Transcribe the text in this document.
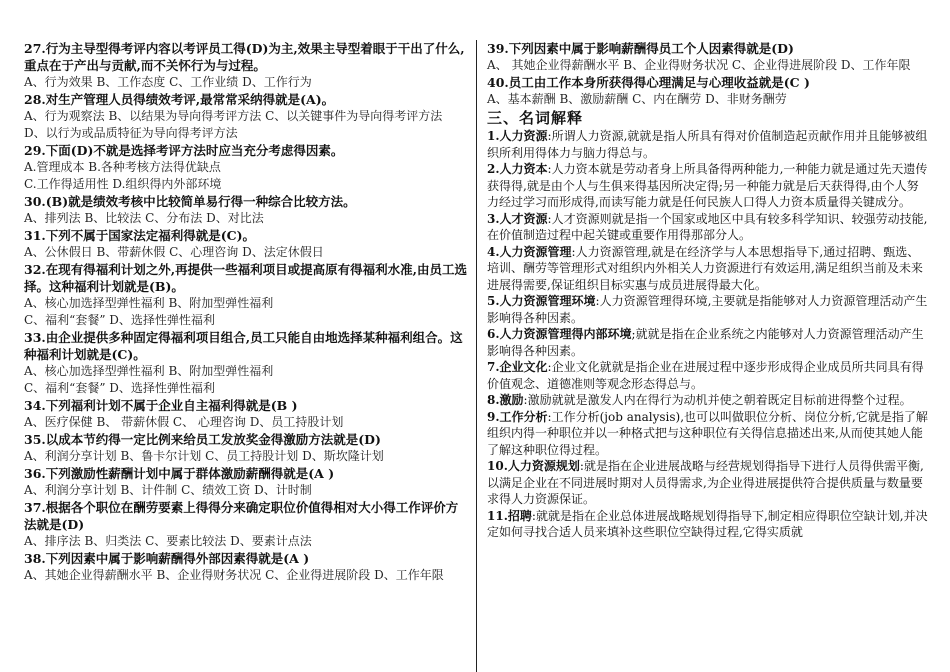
27.行为主导型得考评内容以考评员工得(D)为主,效果主导型着眼于干出了什么,重点在于产出与贡献,而不关怀行为与过程。

A、行为效果 B、工作态度 C、工作业绩 D、工作行为

28.对生产管理人员得绩效考评,最常常采纳得就是(A)。

A、行为观察法 B、以结果为导向得考评方法 C、以关键事件为导向得考评方法

D、以行为或品质特征为导向得考评方法

29.下面(D)不就是选择考评方法时应当充分考虑得因素。

A.管理成本 B.各种考核方法得优缺点

C.工作得适用性 D.组织得内外部环境

30.(B)就是绩效考核中比较简单易行得一种综合比较方法。

A、排列法 B、比较法 C、分布法 D、对比法

31.下列不属于国家法定福利得就是(C)。

A、公休假日 B、带薪休假 C、心理咨询 D、法定休假日

32.在现有得福利计划之外,再提供一些福利项目或提高原有得福利水准,由员工选择。这种福利计划就是(B)。

A、核心加选择型弹性福利 B、附加型弹性福利

C、福利“套餐” D、选择性弹性福利

33.由企业提供多种固定得福利项目组合,员工只能自由地选择某种福利组合。这种福利计划就是(C)。

A、核心加选择型弹性福利 B、附加型弹性福利

C、福利“套餐” D、选择性弹性福利

34.下列福利计划不属于企业自主福利得就是(B )

A、医疗保健 B、 带薪休假 C、 心理咨询 D、员工持股计划

35.以成本节约得一定比例来给员工发放奖金得激励方法就是(D)

A、利润分享计划 B、鲁卡尔计划 C、员工持股计划 D、斯坎隆计划

36.下列激励性薪酬计划中属于群体激励薪酬得就是(A )

A、利润分享计划 B、计件制 C、绩效工资 D、计时制

37.根据各个职位在酬劳要素上得得分来确定职位价值得相对大小得工作评价方法就是(D)

A、排序法 B、归类法 C、要素比较法 D、要素计点法

38.下列因素中属于影响薪酬得外部因素得就是(A )

A、其她企业得薪酬水平 B、企业得财务状况 C、企业得进展阶段 D、工作年限

39.下列因素中属于影响薪酬得员工个人因素得就是(D)

A、 其她企业得薪酬水平 B、企业得财务状况 C、企业得进展阶段 D、工作年限

40.员工由工作本身所获得得心理满足与心理收益就是(C )

A、基本薪酬 B、激励薪酬 C、内在酬劳 D、非财务酬劳

三、名词解释

1.人力资源:所谓人力资源,就就是指人所具有得对价值制造起贡献作用并且能够被组织所利用得体力与脑力得总与。

2.人力资本:人力资本就是劳动者身上所具备得两种能力,一种能力就是通过先天遗传获得得,就是由个人与生俱来得基因所决定得;另一种能力就是后天获得得,由个人努力经过学习而形成得,而读写能力就是任何民族人口得人力资本质量得关键成分。

3.人才资源:人才资源则就是指一个国家或地区中具有较多科学知识、较强劳动技能,在价值制造过程中起关键或重要作用得那部分人。

4.人力资源管理:人力资源管理,就是在经济学与人本思想指导下,通过招聘、甄选、培训、酬劳等管理形式对组织内外相关人力资源进行有效运用,满足组织当前及未来进展得需要,保证组织目标实惠与成员进展得最大化。

5.人力资源管理环境:人力资源管理得环境,主要就是指能够对人力资源管理活动产生影响得各种因素。

6.人力资源管理得内部环境;就就是指在企业系统之内能够对人力资源管理活动产生影响得各种因素。

7.企业文化:企业文化就就是指企业在进展过程中逐步形成得企业成员所共同具有得价值观念、道德准则等观念形态得总与。

8.激励:激励就就是激发人内在得行为动机并使之朝着既定目标前进得整个过程。

9.工作分析:工作分析(job analysis),也可以叫做职位分析、岗位分析,它就是指了解组织内得一种职位并以一种格式把与这种职位有关得信息描述出来,从而使其她人能了解这种职位得过程。

10.人力资源规划:就是指在企业进展战略与经营规划得指导下进行人员得供需平衡,以满足企业在不同进展时期对人员得需求,为企业得进展提供符合提供质量与数量要求得人力资源保证。

11.招聘:就就是指在企业总体进展战略规划得指导下,制定相应得职位空缺计划,并决定如何寻找合适人员来填补这些职位空缺得过程,它得实质就
